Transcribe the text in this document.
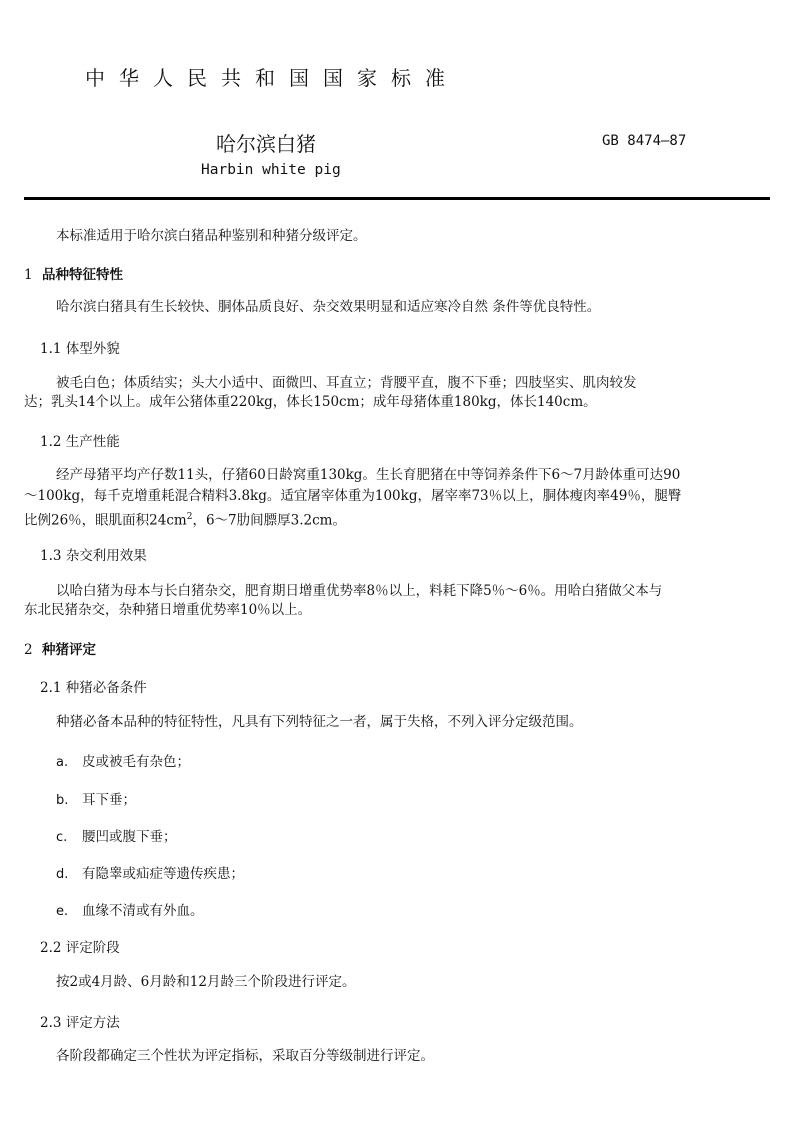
中华人民共和国国家标准
哈尔滨白猪	GB 8474—87
Harbin white pig
本标准适用于哈尔滨白猪品种鉴别和种猪分级评定。
1 品种特征特性
哈尔滨白猪具有生长较快、胴体品质良好、杂交效果明显和适应寒冷自然 条件等优良特性。
1.1 体型外貌
被毛白色；体质结实；头大小适中、面微凹、耳直立；背腰平直，腹不下垂；四肢坚实、肌肉较发
达；乳头14个以上。成年公猪体重220kg，体长150cm；成年母猪体重180kg，体长140cm。
1.2 生产性能
经产母猪平均产仔数11头，仔猪60日龄窝重130kg。生长育肥猪在中等饲养条件下6～7月龄体重可达90
～100kg，每千克增重耗混合精料3.8kg。适宜屠宰体重为100kg，屠宰率73％以上，胴体瘦肉率49％，腿臀
比例26％，眼肌面积$24cm^2$，6～7肋间膘厚3.2cm。
1.3 杂交利用效果
以哈白猪为母本与长白猪杂交，肥育期日增重优势率8％以上，料耗下降5％～6％。用哈白猪做父本与
东北民猪杂交，杂种猪日增重优势率10％以上。
2 种猪评定
2.1 种猪必备条件
种猪必备本品种的特征特性，凡具有下列特征之一者，属于失格，不列入评分定级范围。
a. 皮或被毛有杂色；
b. 耳下垂；
c. 腰凹或腹下垂；
d. 有隐睾或疝症等遗传疾患；
e. 血缘不清或有外血。
2.2 评定阶段
按2或4月龄、6月龄和12月龄三个阶段进行评定。
2.3 评定方法
各阶段都确定三个性状为评定指标，采取百分等级制进行评定。
